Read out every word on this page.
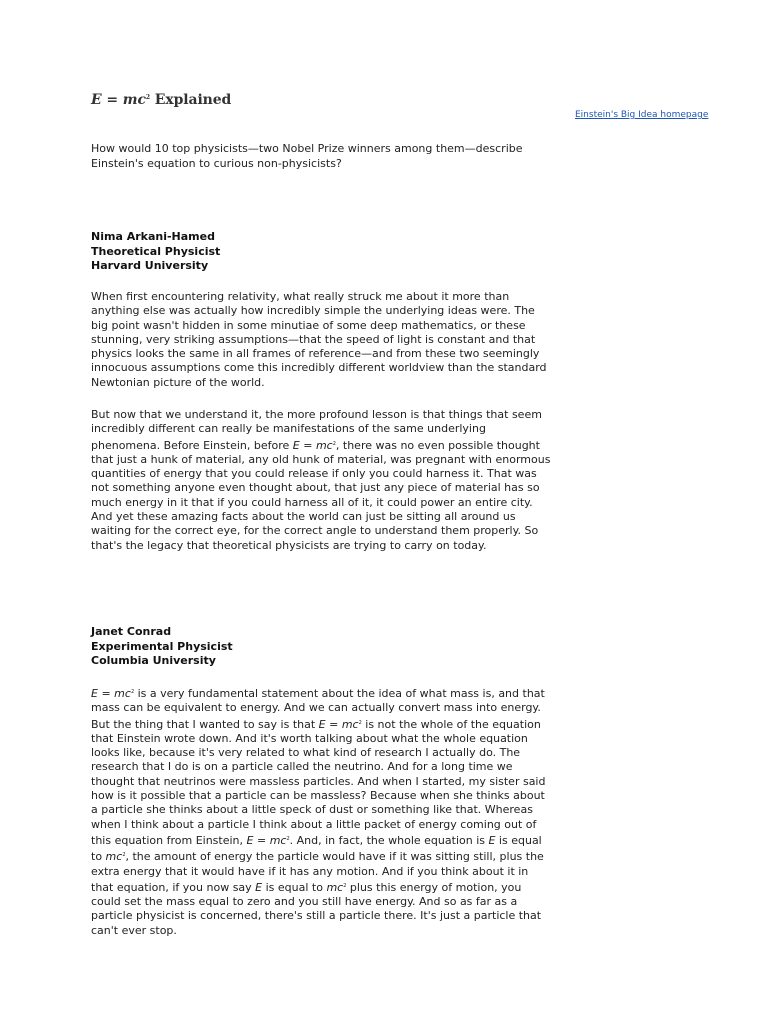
$E = mc^2$ Explained
Einstein's Big Idea homepage

How would 10 top physicists—two Nobel Prize winners among them—describe Einstein's equation to curious non-physicists?

Nima Arkani-Hamed
Theoretical Physicist
Harvard University

When first encountering relativity, what really struck me about it more than anything else was actually how incredibly simple the underlying ideas were. The big point wasn't hidden in some minutiae of some deep mathematics, or these stunning, very striking assumptions—that the speed of light is constant and that physics looks the same in all frames of reference—and from these two seemingly innocuous assumptions come this incredibly different worldview than the standard Newtonian picture of the world.

But now that we understand it, the more profound lesson is that things that seem incredibly different can really be manifestations of the same underlying phenomena. Before Einstein, before $E = mc^2$, there was no even possible thought that just a hunk of material, any old hunk of material, was pregnant with enormous quantities of energy that you could release if only you could harness it. That was not something anyone even thought about, that just any piece of material has so much energy in it that if you could harness all of it, it could power an entire city. And yet these amazing facts about the world can just be sitting all around us waiting for the correct eye, for the correct angle to understand them properly. So that's the legacy that theoretical physicists are trying to carry on today.

Janet Conrad
Experimental Physicist
Columbia University

$E = mc^2$ is a very fundamental statement about the idea of what mass is, and that mass can be equivalent to energy. And we can actually convert mass into energy. But the thing that I wanted to say is that $E = mc^2$ is not the whole of the equation that Einstein wrote down. And it's worth talking about what the whole equation looks like, because it's very related to what kind of research I actually do. The research that I do is on a particle called the neutrino. And for a long time we thought that neutrinos were massless particles. And when I started, my sister said how is it possible that a particle can be massless? Because when she thinks about a particle she thinks about a little speck of dust or something like that. Whereas when I think about a particle I think about a little packet of energy coming out of this equation from Einstein, $E = mc^2$. And, in fact, the whole equation is E is equal to $mc^2$, the amount of energy the particle would have if it was sitting still, plus the extra energy that it would have if it has any motion. And if you think about it in that equation, if you now say E is equal to $mc^2$ plus this energy of motion, you could set the mass equal to zero and you still have energy. And so as far as a particle physicist is concerned, there's still a particle there. It's just a particle that can't ever stop.
